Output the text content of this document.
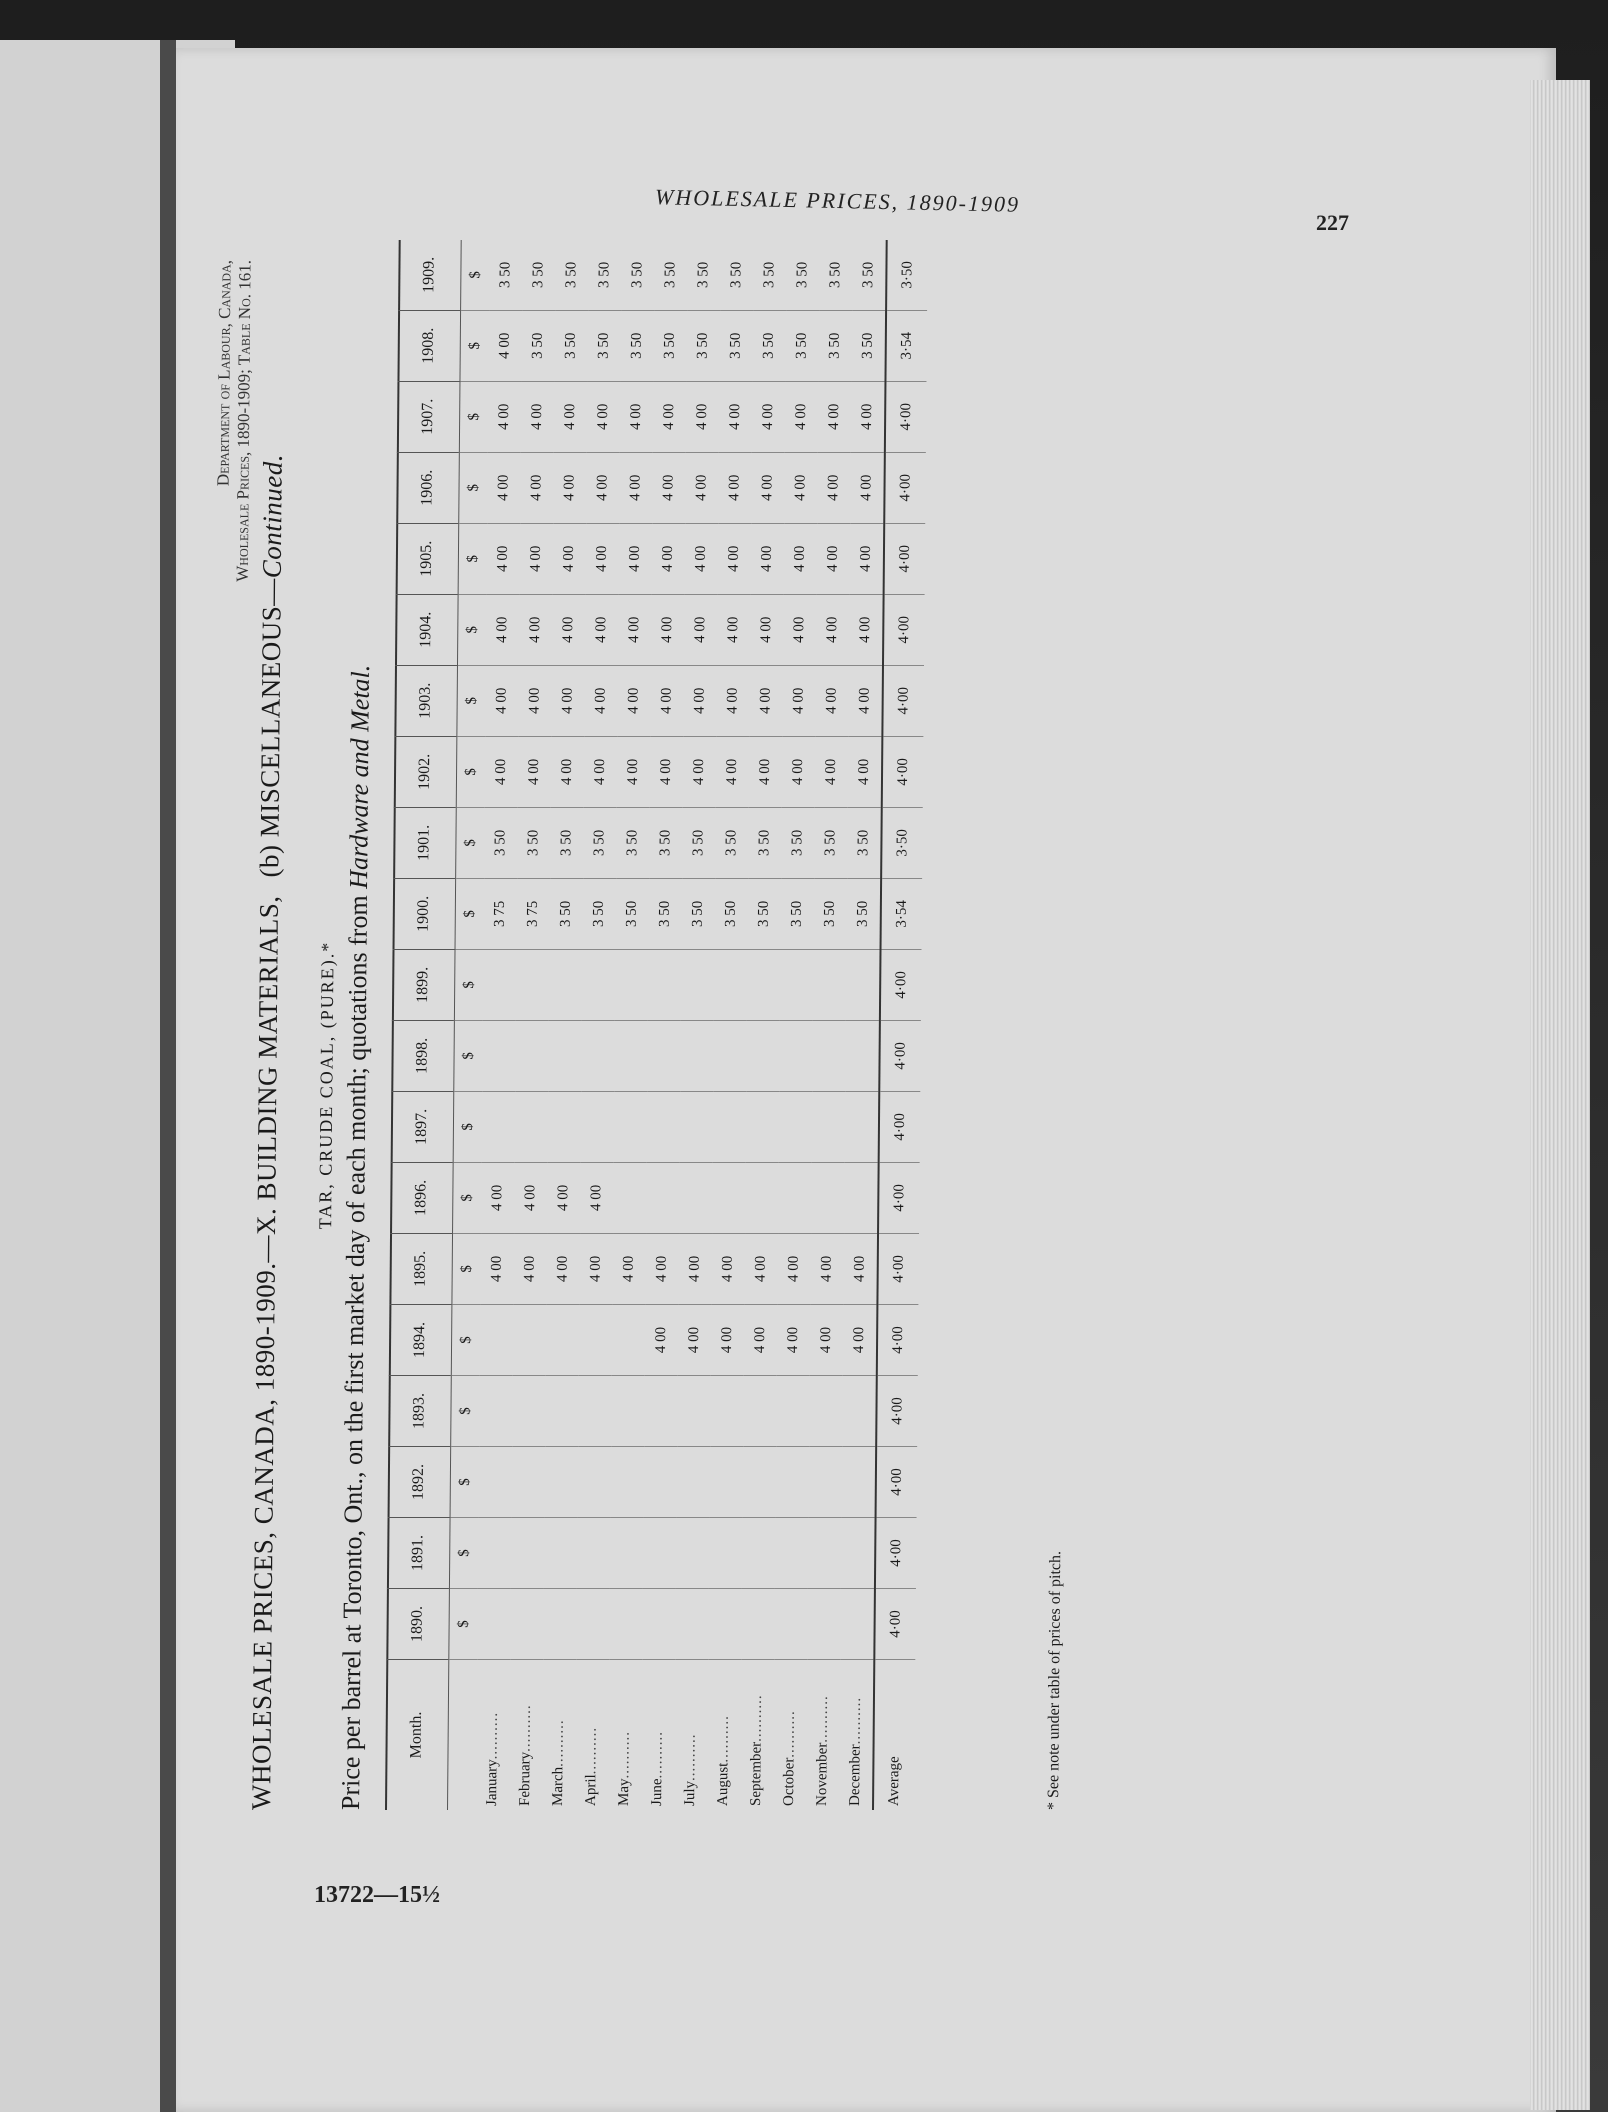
WHOLESALE PRICES, 1890-1909
227
13722—15½
Department of Labour, Canada,
Wholesale Prices, 1890-1909; Table No. 161.
WHOLESALE PRICES, CANADA, 1890-1909.—X. BUILDING MATERIALS,(b) MISCELLANEOUS—Continued.
TAR, CRUDE COAL, (PURE).*
Price per barrel at Toronto, Ont., on the first market day of each month; quotations from Hardware and Metal.
Month.	1890.	1891.	1892.	1893.	1894.	1895.	1896.	1897.	1898.	1899.	1900.	1901.	1902.	1903.	1904.	1905.	1906.	1907.	1908.	1909.
	$	$	$	$	$	$	$	$	$	$	$	$	$	$	$	$	$	$	$	$
January..........						4 00	4 00				3 75	3 50	4 00	4 00	4 00	4 00	4 00	4 00	4 00	3 50
February..........						4 00	4 00				3 75	3 50	4 00	4 00	4 00	4 00	4 00	4 00	3 50	3 50
March..........						4 00	4 00				3 50	3 50	4 00	4 00	4 00	4 00	4 00	4 00	3 50	3 50
April..........						4 00	4 00				3 50	3 50	4 00	4 00	4 00	4 00	4 00	4 00	3 50	3 50
May..........						4 00					3 50	3 50	4 00	4 00	4 00	4 00	4 00	4 00	3 50	3 50
June..........					4 00	4 00					3 50	3 50	4 00	4 00	4 00	4 00	4 00	4 00	3 50	3 50
July..........					4 00	4 00					3 50	3 50	4 00	4 00	4 00	4 00	4 00	4 00	3 50	3 50
August..........					4 00	4 00					3 50	3 50	4 00	4 00	4 00	4 00	4 00	4 00	3 50	3 50
September..........					4 00	4 00					3 50	3 50	4 00	4 00	4 00	4 00	4 00	4 00	3 50	3 50
October..........					4 00	4 00					3 50	3 50	4 00	4 00	4 00	4 00	4 00	4 00	3 50	3 50
November..........					4 00	4 00					3 50	3 50	4 00	4 00	4 00	4 00	4 00	4 00	3 50	3 50
December..........					4 00	4 00					3 50	3 50	4 00	4 00	4 00	4 00	4 00	4 00	3 50	3 50
Average	4·00	4·00	4·00	4·00	4·00	4·00	4·00	4·00	4·00	4·00	3·54	3·50	4·00	4·00	4·00	4·00	4·00	4·00	3·54	3·50
* See note under table of prices of pitch.
